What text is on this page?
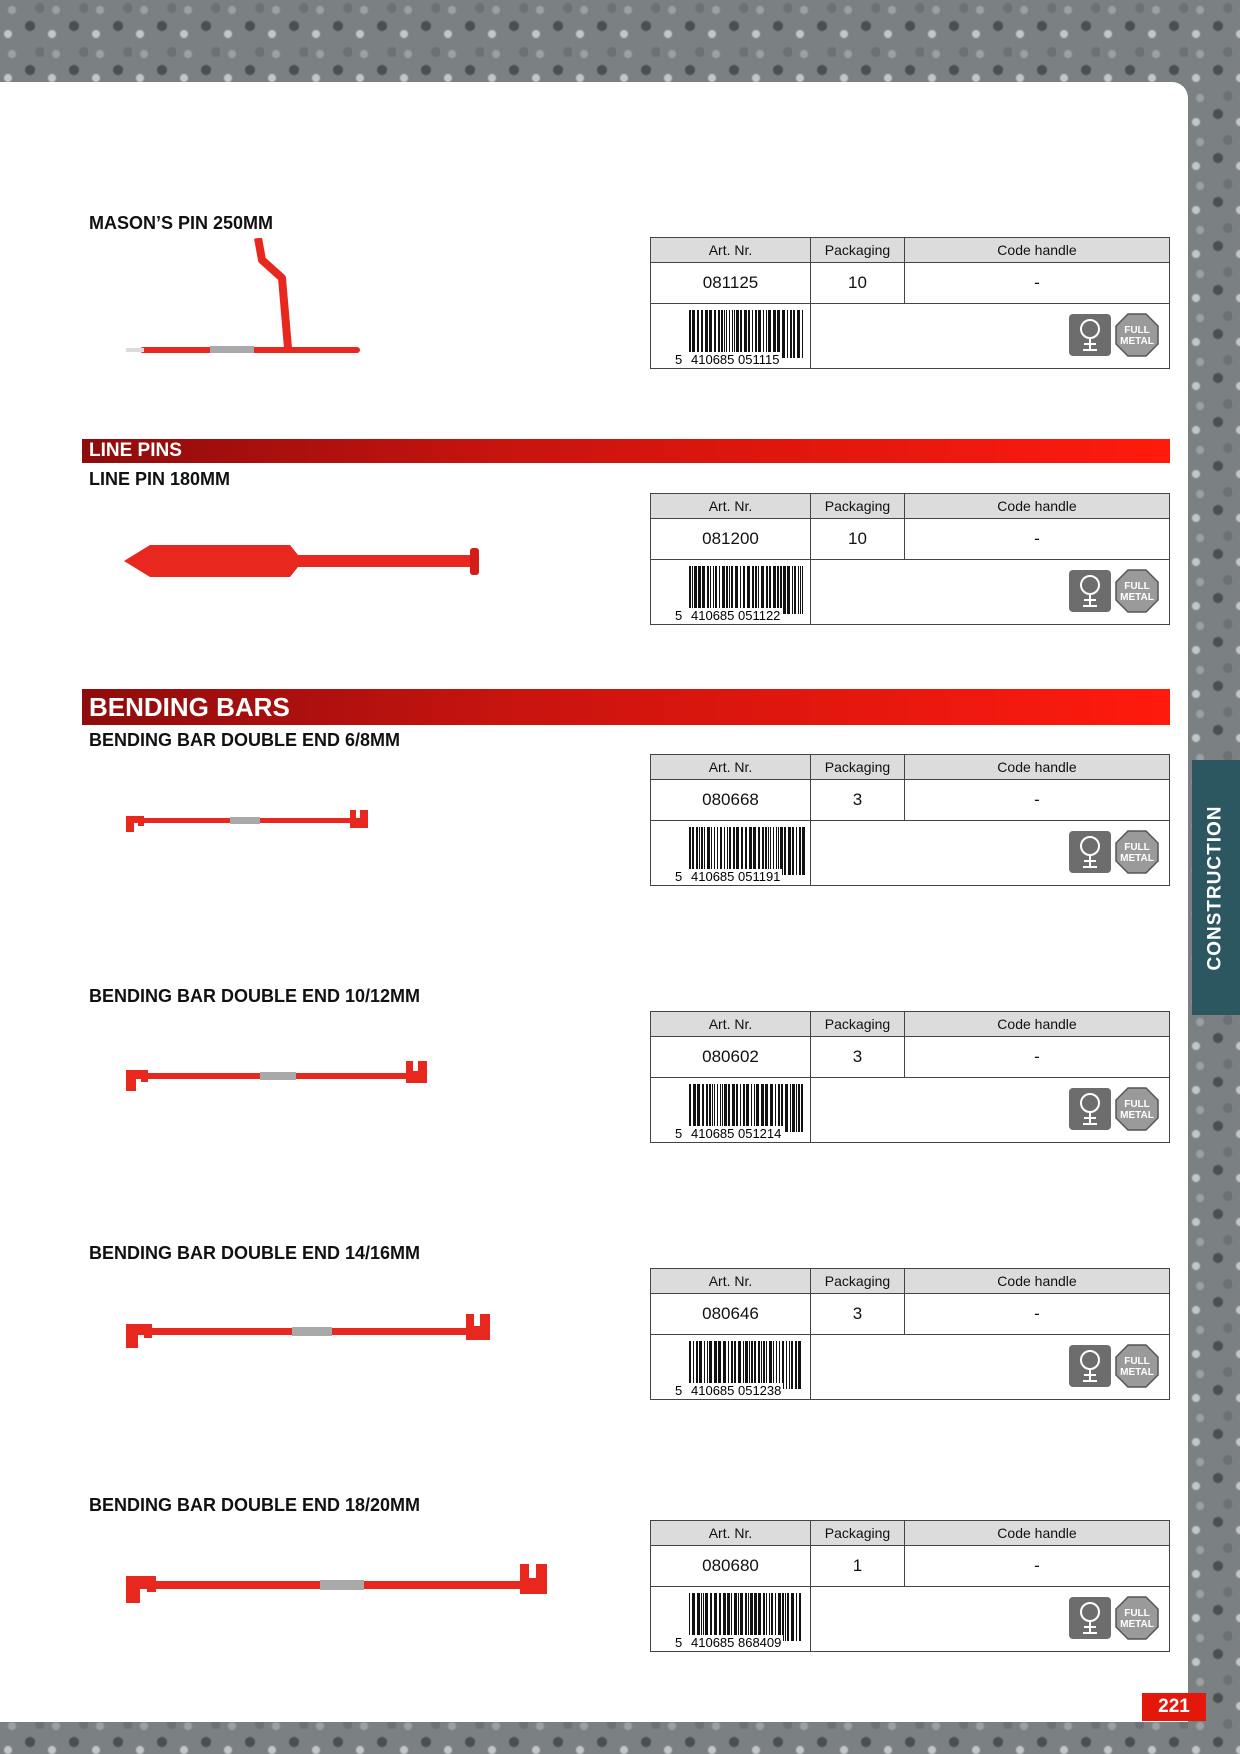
CONSTRUCTION
LINE PINS
BENDING BARS
MASON’S PIN 250MM
LINE PIN 180MM
BENDING BAR DOUBLE END 6/8MM
BENDING BAR DOUBLE END 10/12MM
BENDING BAR DOUBLE END 14/16MM
BENDING BAR DOUBLE END 18/20MM
Art. Nr.	Packaging	Code handle
081125	10	-
5 410685 051115
FULL
METAL
Art. Nr.	Packaging	Code handle
081200	10	-
5 410685 051122
FULL
METAL
Art. Nr.	Packaging	Code handle
080668	3	-
5 410685 051191
FULL
METAL
Art. Nr.	Packaging	Code handle
080602	3	-
5 410685 051214
FULL
METAL
Art. Nr.	Packaging	Code handle
080646	3	-
5 410685 051238
FULL
METAL
Art. Nr.	Packaging	Code handle
080680	1	-
5 410685 868409
FULL
METAL
221
